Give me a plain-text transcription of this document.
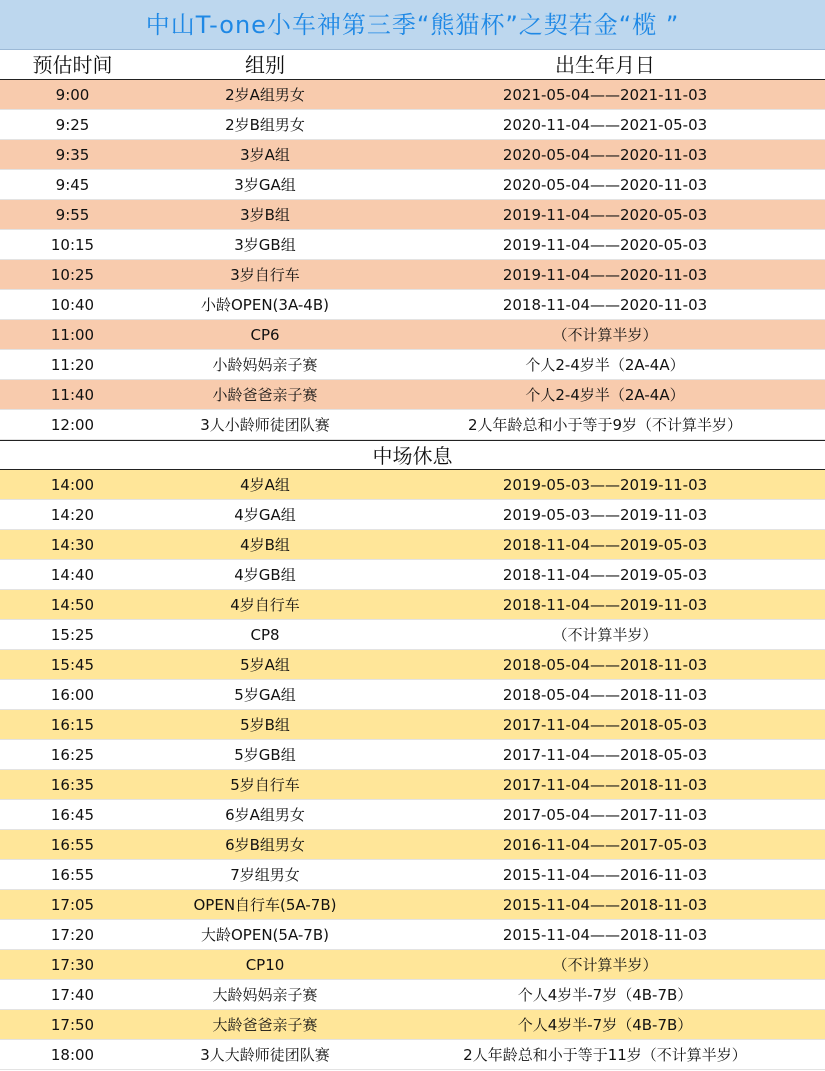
中山T-one小车神第三季“熊猫杯”之契若金“榄 ”
预估时间	组别	出生年月日
9:00	2岁A组男女	2021-05-04——2021-11-03
9:25	2岁B组男女	2020-11-04——2021-05-03
9:35	3岁A组	2020-05-04——2020-11-03
9:45	3岁GA组	2020-05-04——2020-11-03
9:55	3岁B组	2019-11-04——2020-05-03
10:15	3岁GB组	2019-11-04——2020-05-03
10:25	3岁自行车	2019-11-04——2020-11-03
10:40	小龄OPEN(3A-4B)	2018-11-04——2020-11-03
11:00	CP6	（不计算半岁）
11:20	小龄妈妈亲子赛	个人2-4岁半（2A-4A）
11:40	小龄爸爸亲子赛	个人2-4岁半（2A-4A）
12:00	3人小龄师徒团队赛	2人年龄总和小于等于9岁（不计算半岁）
中场休息
14:00	4岁A组	2019-05-03——2019-11-03
14:20	4岁GA组	2019-05-03——2019-11-03
14:30	4岁B组	2018-11-04——2019-05-03
14:40	4岁GB组	2018-11-04——2019-05-03
14:50	4岁自行车	2018-11-04——2019-11-03
15:25	CP8	（不计算半岁）
15:45	5岁A组	2018-05-04——2018-11-03
16:00	5岁GA组	2018-05-04——2018-11-03
16:15	5岁B组	2017-11-04——2018-05-03
16:25	5岁GB组	2017-11-04——2018-05-03
16:35	5岁自行车	2017-11-04——2018-11-03
16:45	6岁A组男女	2017-05-04——2017-11-03
16:55	6岁B组男女	2016-11-04——2017-05-03
16:55	7岁组男女	2015-11-04——2016-11-03
17:05	OPEN自行车(5A-7B)	2015-11-04——2018-11-03
17:20	大龄OPEN(5A-7B)	2015-11-04——2018-11-03
17:30	CP10	（不计算半岁）
17:40	大龄妈妈亲子赛	个人4岁半-7岁（4B-7B）
17:50	大龄爸爸亲子赛	个人4岁半-7岁（4B-7B）
18:00	3人大龄师徒团队赛	2人年龄总和小于等于11岁（不计算半岁）
